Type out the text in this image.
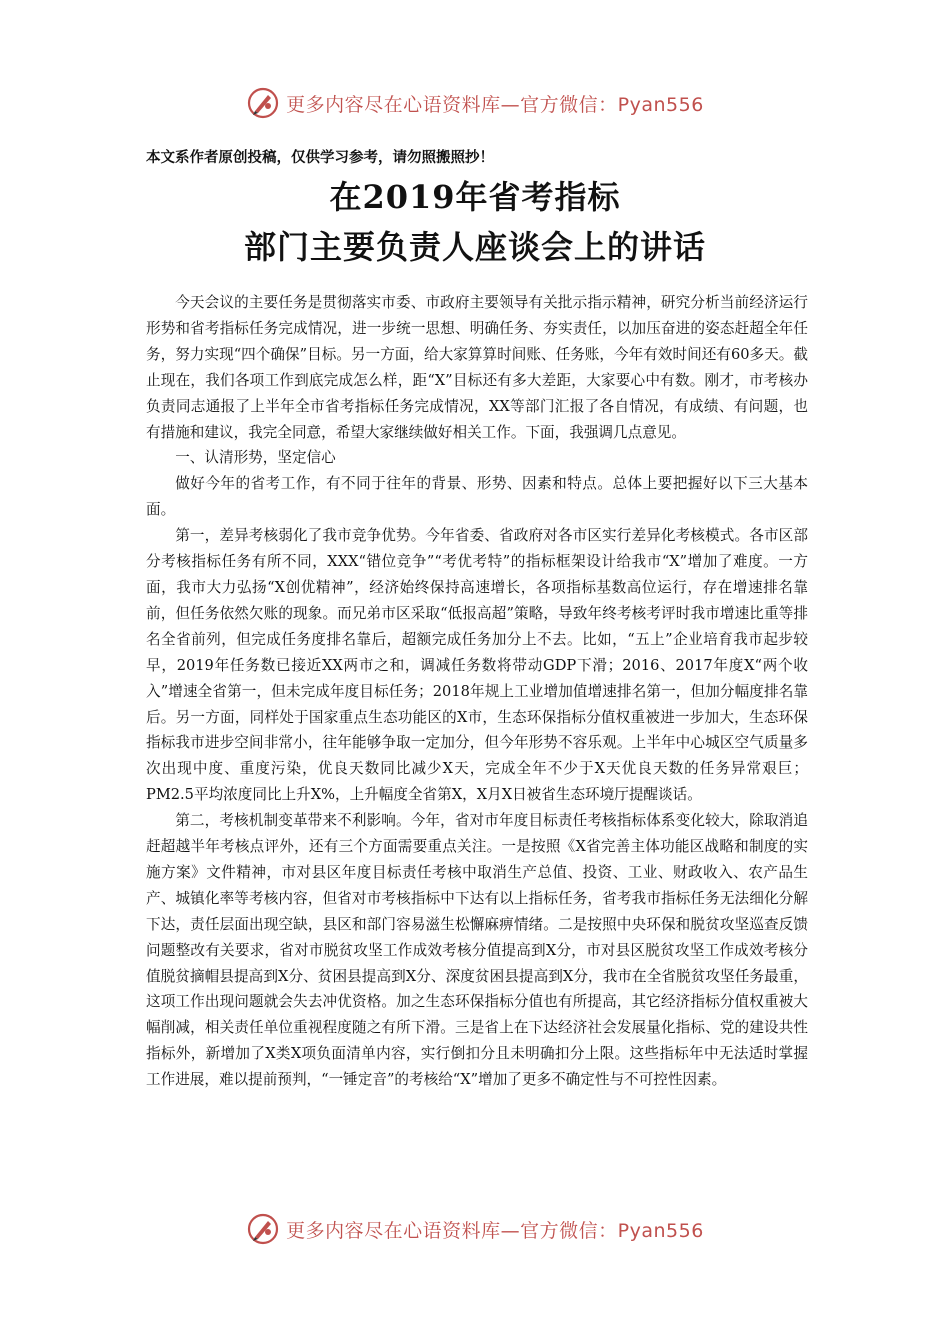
更多内容尽在心语资料库—官方微信：Pyan556
本文系作者原创投稿，仅供学习参考，请勿照搬照抄！
在2019年省考指标
部门主要负责人座谈会上的讲话

今天会议的主要任务是贯彻落实市委、市政府主要领导有关批示指示精神，研究分析当前经济运行形势和省考指标任务完成情况，进一步统一思想、明确任务、夯实责任，以加压奋进的姿态赶超全年任务，努力实现“四个确保”目标。另一方面，给大家算算时间账、任务账，今年有效时间还有60多天。截止现在，我们各项工作到底完成怎么样，距“X”目标还有多大差距，大家要心中有数。刚才，市考核办负责同志通报了上半年全市省考指标任务完成情况，XX等部门汇报了各自情况，有成绩、有问题，也有措施和建议，我完全同意，希望大家继续做好相关工作。下面，我强调几点意见。

一、认清形势，坚定信心

做好今年的省考工作，有不同于往年的背景、形势、因素和特点。总体上要把握好以下三大基本面。

第一，差异考核弱化了我市竞争优势。今年省委、省政府对各市区实行差异化考核模式。各市区部分考核指标任务有所不同，XXX“错位竞争”“考优考特”的指标框架设计给我市“X”增加了难度。一方面，我市大力弘扬“X创优精神”，经济始终保持高速增长，各项指标基数高位运行，存在增速排名靠前，但任务依然欠账的现象。而兄弟市区采取“低报高超”策略，导致年终考核考评时我市增速比重等排名全省前列，但完成任务度排名靠后，超额完成任务加分上不去。比如，“五上”企业培育我市起步较早，2019年任务数已接近XX两市之和，调减任务数将带动GDP下滑；2016、2017年度X“两个收入”增速全省第一，但未完成年度目标任务；2018年规上工业增加值增速排名第一，但加分幅度排名靠后。另一方面，同样处于国家重点生态功能区的X市，生态环保指标分值权重被进一步加大，生态环保指标我市进步空间非常小，往年能够争取一定加分，但今年形势不容乐观。上半年中心城区空气质量多次出现中度、重度污染，优良天数同比减少X天，完成全年不少于X天优良天数的任务异常艰巨；PM2.5平均浓度同比上升X%，上升幅度全省第X，X月X日被省生态环境厅提醒谈话。

第二，考核机制变革带来不利影响。今年，省对市年度目标责任考核指标体系变化较大，除取消追赶超越半年考核点评外，还有三个方面需要重点关注。一是按照《X省完善主体功能区战略和制度的实施方案》文件精神，市对县区年度目标责任考核中取消生产总值、投资、工业、财政收入、农产品生产、城镇化率等考核内容，但省对市考核指标中下达有以上指标任务，省考我市指标任务无法细化分解下达，责任层面出现空缺，县区和部门容易滋生松懈麻痹情绪。二是按照中央环保和脱贫攻坚巡查反馈问题整改有关要求，省对市脱贫攻坚工作成效考核分值提高到X分，市对县区脱贫攻坚工作成效考核分值脱贫摘帽县提高到X分、贫困县提高到X分、深度贫困县提高到X分，我市在全省脱贫攻坚任务最重，这项工作出现问题就会失去冲优资格。加之生态环保指标分值也有所提高，其它经济指标分值权重被大幅削减，相关责任单位重视程度随之有所下滑。三是省上在下达经济社会发展量化指标、党的建设共性指标外，新增加了X类X项负面清单内容，实行倒扣分且未明确扣分上限。这些指标年中无法适时掌握工作进展，难以提前预判，“一锤定音”的考核给“X”增加了更多不确定性与不可控性因素。

更多内容尽在心语资料库—官方微信：Pyan556
